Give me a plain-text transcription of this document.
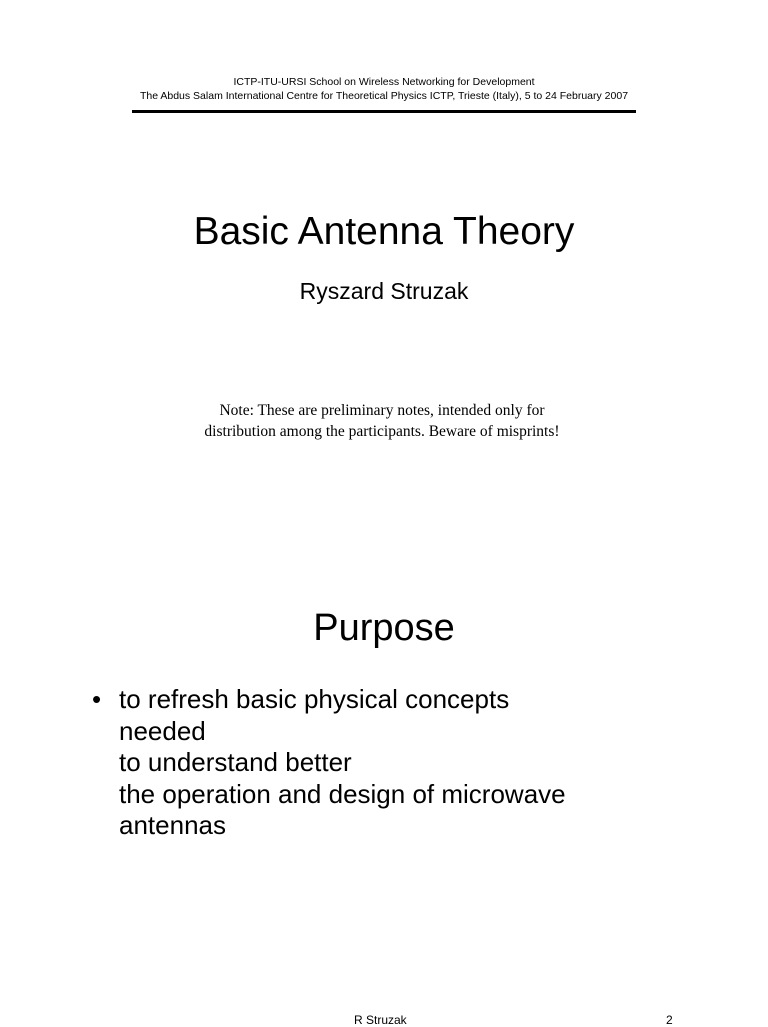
ICTP-ITU-URSI School on Wireless Networking for Development
The Abdus Salam International Centre for Theoretical Physics ICTP, Trieste (Italy), 5 to 24 February 2007
Basic Antenna Theory
Ryszard Struzak
Note: These are preliminary notes, intended only for
distribution among the participants. Beware of misprints!
Purpose
• to refresh basic physical concepts
needed
to understand better
the operation and design of microwave
antennas
R Struzak	2
